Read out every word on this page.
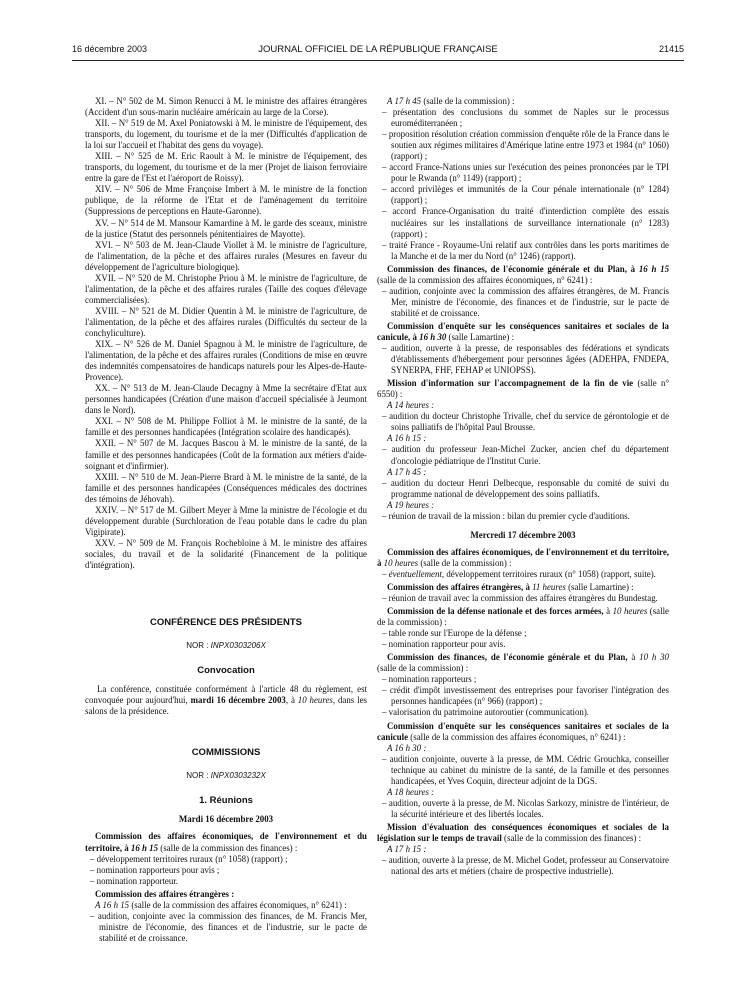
16 décembre 2003	JOURNAL OFFICIEL DE LA RÉPUBLIQUE FRANÇAISE	21415

XI. – N° 502 de M. Simon Renucci à M. le ministre des affaires étrangères (Accident d'un sous-marin nucléaire américain au large de la Corse).

XII. – N° 519 de M. Axel Poniatowski à M. le ministre de l'équipement, des transports, du logement, du tourisme et de la mer (Difficultés d'application de la loi sur l'accueil et l'habitat des gens du voyage).

XIII. – N° 525 de M. Eric Raoult à M. le ministre de l'équipement, des transports, du logement, du tourisme et de la mer (Projet de liaison ferroviaire entre la gare de l'Est et l'aéroport de Roissy).

XIV. – N° 506 de Mme Françoise Imbert à M. le ministre de la fonction publique, de la réforme de l'Etat et de l'aménagement du territoire (Suppressions de perceptions en Haute-Garonne).

XV. – N° 514 de M. Mansour Kamardine à M. le garde des sceaux, ministre de la justice (Statut des personnels pénitentiaires de Mayotte).

XVI. – N° 503 de M. Jean-Claude Viollet à M. le ministre de l'agriculture, de l'alimentation, de la pêche et des affaires rurales (Mesures en faveur du développement de l'agriculture biologique).

XVII. – N° 520 de M. Christophe Priou à M. le ministre de l'agriculture, de l'alimentation, de la pêche et des affaires rurales (Taille des coques d'élevage commercialisées).

XVIII. – N° 521 de M. Didier Quentin à M. le ministre de l'agriculture, de l'alimentation, de la pêche et des affaires rurales (Difficultés du secteur de la conchyliculture).

XIX. – N° 526 de M. Daniel Spagnou à M. le ministre de l'agriculture, de l'alimentation, de la pêche et des affaires rurales (Conditions de mise en œuvre des indemnités compensatoires de handicaps naturels pour les Alpes-de-Haute-Provence).

XX. – N° 513 de M. Jean-Claude Decagny à Mme la secrétaire d'Etat aux personnes handicapées (Création d'une maison d'accueil spécialisée à Jeumont dans le Nord).

XXI. – N° 508 de M. Philippe Folliot à M. le ministre de la santé, de la famille et des personnes handicapées (Intégration scolaire des handicapés).

XXII. – N° 507 de M. Jacques Bascou à M. le ministre de la santé, de la famille et des personnes handicapées (Coût de la formation aux métiers d'aide-soignant et d'infirmier).

XXIII. – N° 510 de M. Jean-Pierre Brard à M. le ministre de la santé, de la famille et des personnes handicapées (Conséquences médicales des doctrines des témoins de Jéhovah).

XXIV. – N° 517 de M. Gilbert Meyer à Mme la ministre de l'écologie et du développement durable (Surchloration de l'eau potable dans le cadre du plan Vigipirate).

XXV. – N° 509 de M. François Rochebloine à M. le ministre des affaires sociales, du travail et de la solidarité (Financement de la politique d'intégration).

CONFÉRENCE DES PRÉSIDENTS
NOR : INPX0303206X
Convocation

La conférence, constituée conformément à l'article 48 du règlement, est convoquée pour aujourd'hui, mardi 16 décembre 2003, à 10 heures, dans les salons de la présidence.

COMMISSIONS
NOR : INPX0303232X
1. Réunions
Mardi 16 décembre 2003

Commission des affaires économiques, de l'environnement et du territoire, à 16 h 15 (salle de la commission des finances) :

– développement territoires ruraux (n° 1058) (rapport) ;

– nomination rapporteurs pour avis ;

– nomination rapporteur.

Commission des affaires étrangères :

A 16 h 15 (salle de la commission des affaires économiques, n° 6241) :

– audition, conjointe avec la commission des finances, de M. Francis Mer, ministre de l'économie, des finances et de l'industrie, sur le pacte de stabilité et de croissance.

A 17 h 45 (salle de la commission) :

– présentation des conclusions du sommet de Naples sur le processus euroméditerranéen ;

– proposition résolution création commission d'enquête rôle de la France dans le soutien aux régimes militaires d'Amérique latine entre 1973 et 1984 (n° 1060) (rapport) ;

– accord France-Nations unies sur l'exécution des peines prononcées par le TPI pour le Rwanda (n° 1149) (rapport) ;

– accord privilèges et immunités de la Cour pénale internationale (n° 1284) (rapport) ;

– accord France-Organisation du traité d'interdiction complète des essais nucléaires sur les installations de surveillance internationale (n° 1283) (rapport) ;

– traité France - Royaume-Uni relatif aux contrôles dans les ports maritimes de la Manche et de la mer du Nord (n° 1246) (rapport).

Commission des finances, de l'économie générale et du Plan, à 16 h 15 (salle de la commission des affaires économiques, n° 6241) :

– audition, conjointe avec la commission des affaires étrangères, de M. Francis Mer, ministre de l'économie, des finances et de l'industrie, sur le pacte de stabilité et de croissance.

Commission d'enquête sur les conséquences sanitaires et sociales de la canicule, à 16 h 30 (salle Lamartine) :

– audition, ouverte à la presse, de responsables des fédérations et syndicats d'établissements d'hébergement pour personnes âgées (ADEHPA, FNDEPA, SYNERPA, FHF, FEHAP et UNIOPSS).

Mission d'information sur l'accompagnement de la fin de vie (salle n° 6550) :

A 14 heures :

– audition du docteur Christophe Trivalle, chef du service de gérontologie et de soins palliatifs de l'hôpital Paul Brousse.

A 16 h 15 :

– audition du professeur Jean-Michel Zucker, ancien chef du département d'oncologie pédiatrique de l'Institut Curie.

A 17 h 45 :

– audition du docteur Henri Delbecque, responsable du comité de suivi du programme national de développement des soins palliatifs.

A 19 heures :

– réunion de travail de la mission : bilan du premier cycle d'auditions.

Mercredi 17 décembre 2003

Commission des affaires économiques, de l'environnement et du territoire, à 10 heures (salle de la commission) :

– éventuellement, développement territoires ruraux (n° 1058) (rapport, suite).

Commission des affaires étrangères, à 11 heures (salle Lamartine) :

– réunion de travail avec la commission des affaires étrangères du Bundestag.

Commission de la défense nationale et des forces armées, à 10 heures (salle de la commission) :

– table ronde sur l'Europe de la défense ;

– nomination rapporteur pour avis.

Commission des finances, de l'économie générale et du Plan, à 10 h 30 (salle de la commission) :

– nomination rapporteurs ;

– crédit d'impôt investissement des entreprises pour favoriser l'intégration des personnes handicapées (n° 966) (rapport) ;

– valorisation du patrimoine autoroutier (communication).

Commission d'enquête sur les conséquences sanitaires et sociales de la canicule (salle de la commission des affaires économiques, n° 6241) :

A 16 h 30 :

– audition conjointe, ouverte à la presse, de MM. Cédric Grouchka, conseiller technique au cabinet du ministre de la santé, de la famille et des personnes handicapées, et Yves Coquin, directeur adjoint de la DGS.

A 18 heures :

– audition, ouverte à la presse, de M. Nicolas Sarkozy, ministre de l'intérieur, de la sécurité intérieure et des libertés locales.

Mission d'évaluation des conséquences économiques et sociales de la législation sur le temps de travail (salle de la commission des finances) :

A 17 h 15 :

– audition, ouverte à la presse, de M. Michel Godet, professeur au Conservatoire national des arts et métiers (chaire de prospective industrielle).
